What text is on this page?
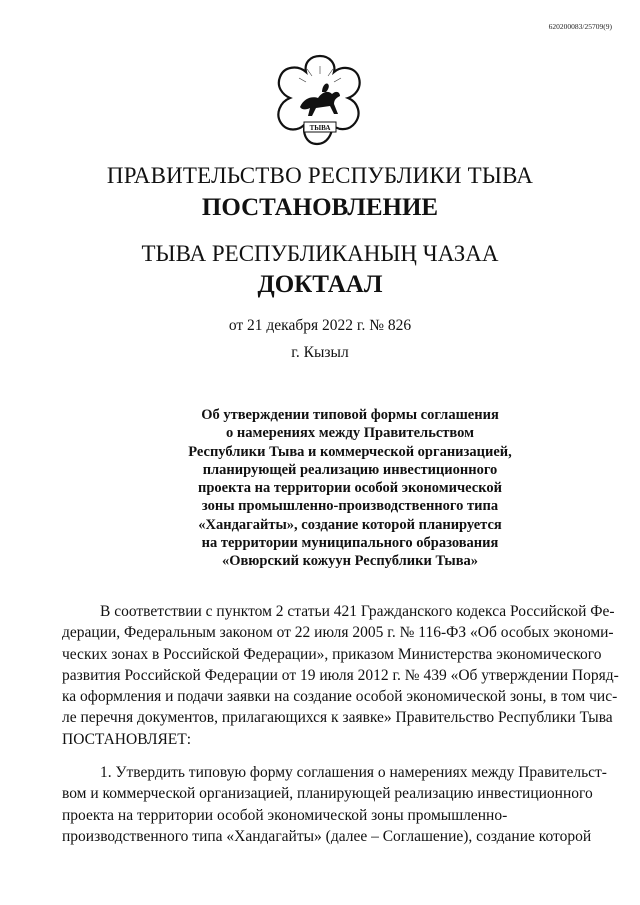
620200083/25709(9)
ТЫВА
ПРАВИТЕЛЬСТВО РЕСПУБЛИКИ ТЫВА
ПОСТАНОВЛЕНИЕ
ТЫВА РЕСПУБЛИКАНЫҢ ЧАЗАА
ДОКТААЛ
от 21 декабря 2022 г. № 826
г. Кызыл
Об утверждении типовой формы соглашения
о намерениях между Правительством
Республики Тыва и коммерческой организацией,
планирующей реализацию инвестиционного
проекта на территории особой экономической
зоны промышленно-производственного типа
«Хандагайты», создание которой планируется
на территории муниципального образования
«Овюрский кожуун Республики Тыва»
В соответствии с пунктом 2 статьи 421 Гражданского кодекса Российской Фе-
дерации, Федеральным законом от 22 июля 2005 г. № 116-ФЗ «Об особых экономи-
ческих зонах в Российской Федерации», приказом Министерства экономического
развития Российской Федерации от 19 июля 2012 г. № 439 «Об утверждении Поряд-
ка оформления и подачи заявки на создание особой экономической зоны, в том чис-
ле перечня документов, прилагающихся к заявке» Правительство Республики Тыва
ПОСТАНОВЛЯЕТ:
1. Утвердить типовую форму соглашения о намерениях между Правительст-
вом и коммерческой организацией, планирующей реализацию инвестиционного
проекта на территории особой экономической зоны промышленно-
производственного типа «Хандагайты» (далее – Соглашение), создание которой
